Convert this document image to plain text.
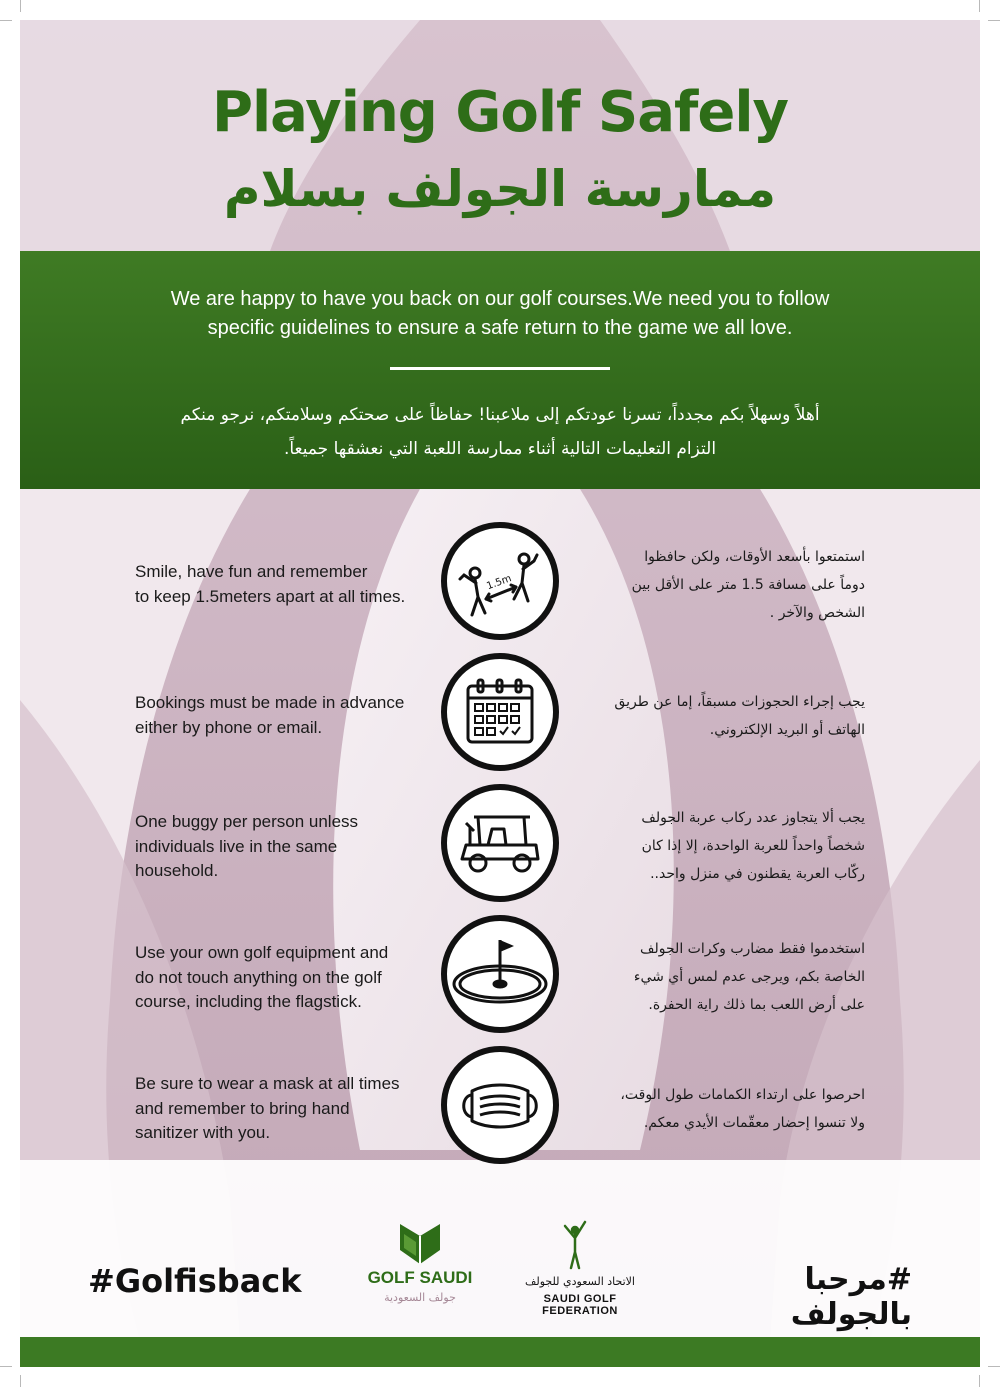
Playing Golf Safely
ممارسة الجولف بسلام
We are happy to have you back on our golf courses.We need you to follow
specific guidelines to ensure a safe return to the game we all love.
أهلاً وسهلاً بكم مجدداً، تسرنا عودتكم إلى ملاعبنا! حفاظاً على صحتكم وسلامتكم، نرجو منكم
التزام التعليمات التالية أثناء ممارسة اللعبة التي نعشقها جميعاً.
Smile, have fun and remember
to keep 1.5meters apart at all times.
1.5m
استمتعوا بأسعد الأوقات، ولكن حافظوا
دوماً على مسافة 1.5 متر على الأقل بين
الشخص والآخر .
Bookings must be made in advance
either by phone or email.
يجب إجراء الحجوزات مسبقاً، إما عن طريق
الهاتف أو البريد الإلكتروني.
One buggy per person unless
individuals live in the same
household.
يجب ألا يتجاوز عدد ركاب عربة الجولف
شخصاً واحداً للعربة الواحدة، إلا إذا كان
ركّاب العربة يقطنون في منزل واحد..
Use your own golf equipment and
do not touch anything on the golf
course, including the flagstick.
استخدموا فقط مضارب وكرات الجولف
الخاصة بكم، ويرجى عدم لمس أي شيء
على أرض اللعب بما ذلك راية الحفرة.
Be sure to wear a mask at all times
and remember to bring hand
sanitizer with you.
احرصوا على ارتداء الكمامات طول الوقت،
ولا تنسوا إحضار معقّمات الأيدي معكم.
#Golfisback	GOLF SAUDI
جولف السعودية
الاتحاد السعودي للجولف
SAUDI GOLF FEDERATION
#مرحبا بالجولف
